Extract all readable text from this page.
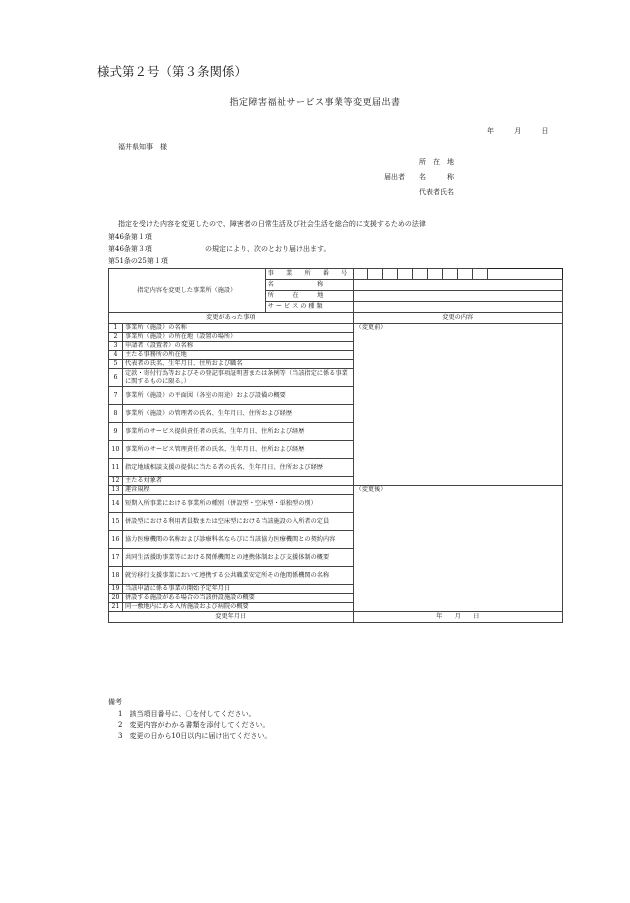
様式第２号（第３条関係）
指定障害福祉サービス事業等変更届出書
年 月 日
福井県知事　様
所　在　地
届出者 名　　　称
代表者氏名
指定を受けた内容を変更したので、障害者の日常生活及び社会生活を総合的に支援するための法律
第46条第１項
第46条第３項	の規定により、次のとおり届け出ます。
第51条の25第１項
指定内容を変更した事業所（施設）		事　業　所　番　号										
		名　　　　　　　称										
		所　　　在　　　地										
		サ ー ビ ス の 種 類										
変更があった事項			変更の内容									
1	事業所（施設）の名称		（変更前）									
2	事業所（施設）の所在地（設置の場所）											
3	申請者（設置者）の名称											
4	主たる事務所の所在地											
5	代表者の氏名、生年月日、住所および職名											
6	定款・寄付行為等およびその登記事項証明書または条例等（当該指定に係る事業に関するものに限る。）											
7	事業所（施設）の平面図（各室の用途）および設備の概要											
8	事業所（施設）の管理者の氏名、生年月日、住所および経歴											
9	事業所のサービス提供責任者の氏名、生年月日、住所および経歴											
10	事業所のサービス管理責任者の氏名、生年月日、住所および経歴											
11	指定地域相談支援の提供に当たる者の氏名、生年月日、住所および経歴											
12	主たる対象者											
13	運営規程		（変更後）									
14	短期入所事業における事業所の種別（併設型・空床型・単独型の別）											
15	併設型における利用者員数または空床型における当該施設の入所者の定員											
16	協力医療機関の名称および診療科名ならびに当該協力医療機関との契約内容											
17	共同生活援助事業等における関係機関との連携体制および支援体制の概要											
18	就労移行支援事業において連携する公共職業安定所その他関係機関の名称											
19	当該申請に係る事業の開始予定年月日											
20	併設する施設がある場合の当該併設施設の概要											
21	同一敷地内にある入所施設および病院の概要											
変更年月日			年　　月　　日									
備考
1　該当項目番号に、〇を付してください。
2　変更内容がわかる書類を添付してください。
3　変更の日から10日以内に届け出てください。
